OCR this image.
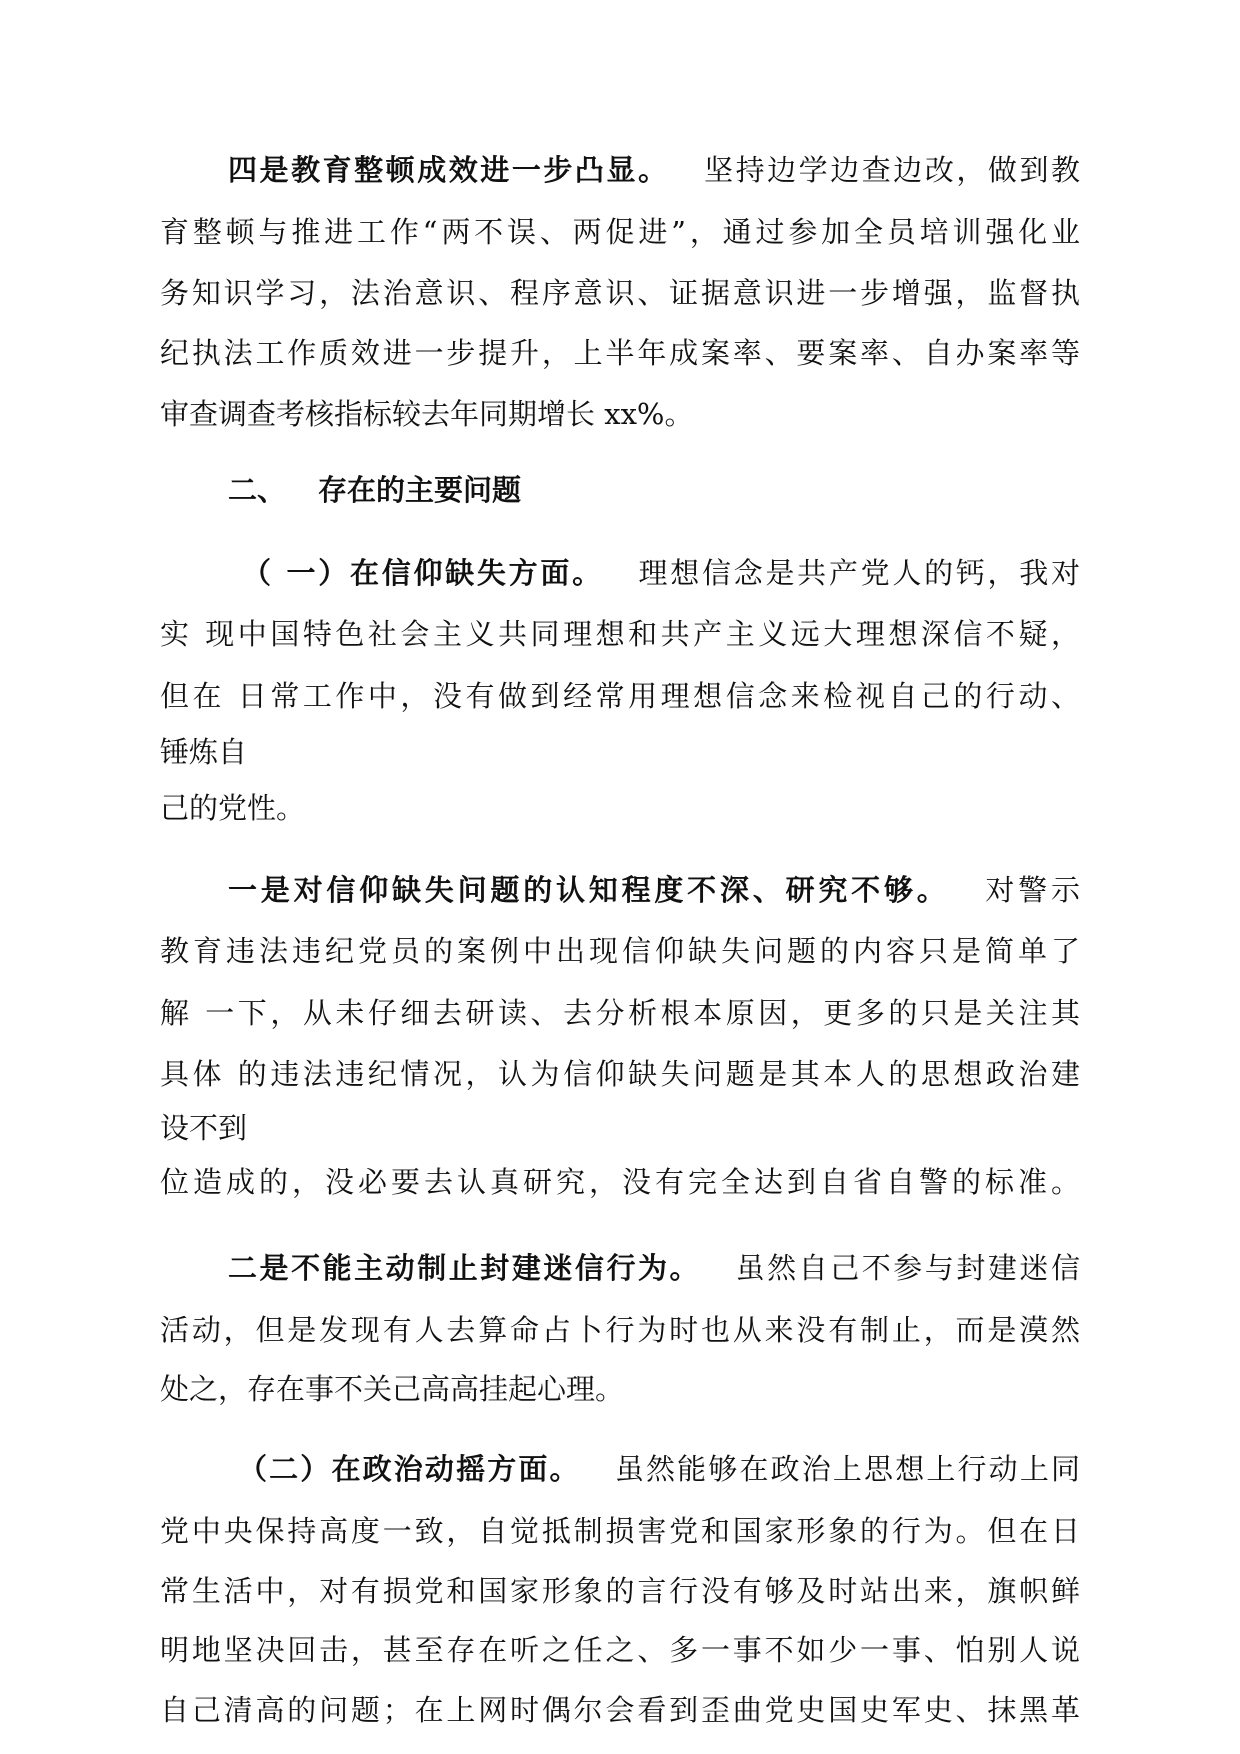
四是教育整顿成效进一步凸显。 坚持边学边查边改，做到教
育整顿与推进工作“两不误、两促进”，通过参加全员培训强化业
务知识学习，法治意识、程序意识、证据意识进一步增强，监督执
纪执法工作质效进一步提升，上半年成案率、要案率、自办案率等
审查调查考核指标较去年同期增长 xx%。
二、 存在的主要问题
（ 一）在信仰缺失方面。 理想信念是共产党人的钙，我对
实 现中国特色社会主义共同理想和共产主义远大理想深信不疑，
但在 日常工作中，没有做到经常用理想信念来检视自己的行动、
锤炼自
己的党性。
一是对信仰缺失问题的认知程度不深、研究不够。 对警示
教育违法违纪党员的案例中出现信仰缺失问题的内容只是简单了
解 一下，从未仔细去研读、去分析根本原因，更多的只是关注其
具体 的违法违纪情况，认为信仰缺失问题是其本人的思想政治建
设不到
位造成的，没必要去认真研究，没有完全达到自省自警的标准。
二是不能主动制止封建迷信行为。 虽然自己不参与封建迷信
活动，但是发现有人去算命占卜行为时也从来没有制止，而是漠然
处之，存在事不关己高高挂起心理。
（二）在政治动摇方面。 虽然能够在政治上思想上行动上同
党中央保持高度一致，自觉抵制损害党和国家形象的行为。但在日
常生活中，对有损党和国家形象的言行没有够及时站出来，旗帜鲜
明地坚决回击，甚至存在听之任之、多一事不如少一事、怕别人说
自己清高的问题；在上网时偶尔会看到歪曲党史国史军史、抹黑革
